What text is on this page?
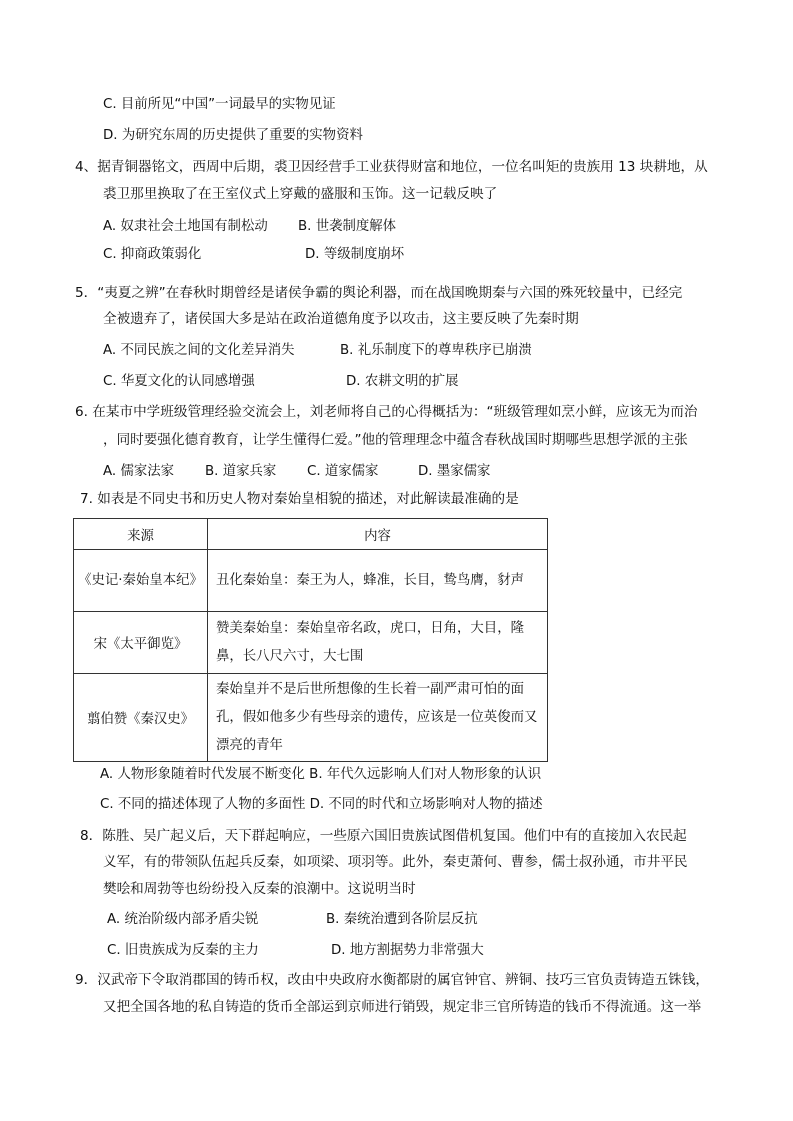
C. 目前所见“中国”一词最早的实物见证
D. 为研究东周的历史提供了重要的实物资料
4、据青铜器铭文，西周中后期，裘卫因经营手工业获得财富和地位，一位名叫矩的贵族用 13 块耕地，从
裘卫那里换取了在王室仪式上穿戴的盛服和玉饰。这一记载反映了
A. 奴隶社会土地国有制松动 B. 世袭制度解体
C. 抑商政策弱化	D. 等级制度崩坏
5．“夷夏之辨”在春秋时期曾经是诸侯争霸的舆论利器，而在战国晚期秦与六国的殊死较量中，已经完
全被遗弃了，诸侯国大多是站在政治道德角度予以攻击，这主要反映了先秦时期
A. 不同民族之间的文化差异消失	B. 礼乐制度下的尊卑秩序已崩溃
C. 华夏文化的认同感增强	D. 农耕文明的扩展
6. 在某市中学班级管理经验交流会上，刘老师将自己的心得概括为：“班级管理如烹小鲜，应该无为而治
，同时要强化德育教育，让学生懂得仁爱。”他的管理理念中蕴含春秋战国时期哪些思想学派的主张
A. 儒家法家 B. 道家兵家 C. 道家儒家	D. 墨家儒家
7. 如表是不同史书和历史人物对秦始皇相貌的描述，对此解读最准确的是
来源	内容
《史记·秦始皇本纪》	丑化秦始皇：秦王为人，蜂准，长目，鸷鸟膺，豺声
宋《太平御览》	赞美秦始皇：秦始皇帝名政，虎口，日角，大目，隆鼻，长八尺六寸，大七围
翦伯赞《秦汉史》	秦始皇并不是后世所想像的生长着一副严肃可怕的面孔，假如他多少有些母亲的遗传，应该是一位英俊而又漂亮的青年
A. 人物形象随着时代发展不断变化 B. 年代久远影响人们对人物形象的认识
C. 不同的描述体现了人物的多面性 D. 不同的时代和立场影响对人物的描述
8．陈胜、吴广起义后，天下群起响应，一些原六国旧贵族试图借机复国。他们中有的直接加入农民起
义军，有的带领队伍起兵反秦，如项梁、项羽等。此外，秦吏萧何、曹参，儒士叔孙通，市井平民
樊哙和周勃等也纷纷投入反秦的浪潮中。这说明当时
A. 统治阶级内部矛盾尖锐	B. 秦统治遭到各阶层反抗
C. 旧贵族成为反秦的主力	D. 地方割据势力非常强大
9．汉武帝下令取消郡国的铸币权，改由中央政府水衡都尉的属官钟官、辨铜、技巧三官负责铸造五铢钱，
又把全国各地的私自铸造的货币全部运到京师进行销毁，规定非三官所铸造的钱币不得流通。这一举
